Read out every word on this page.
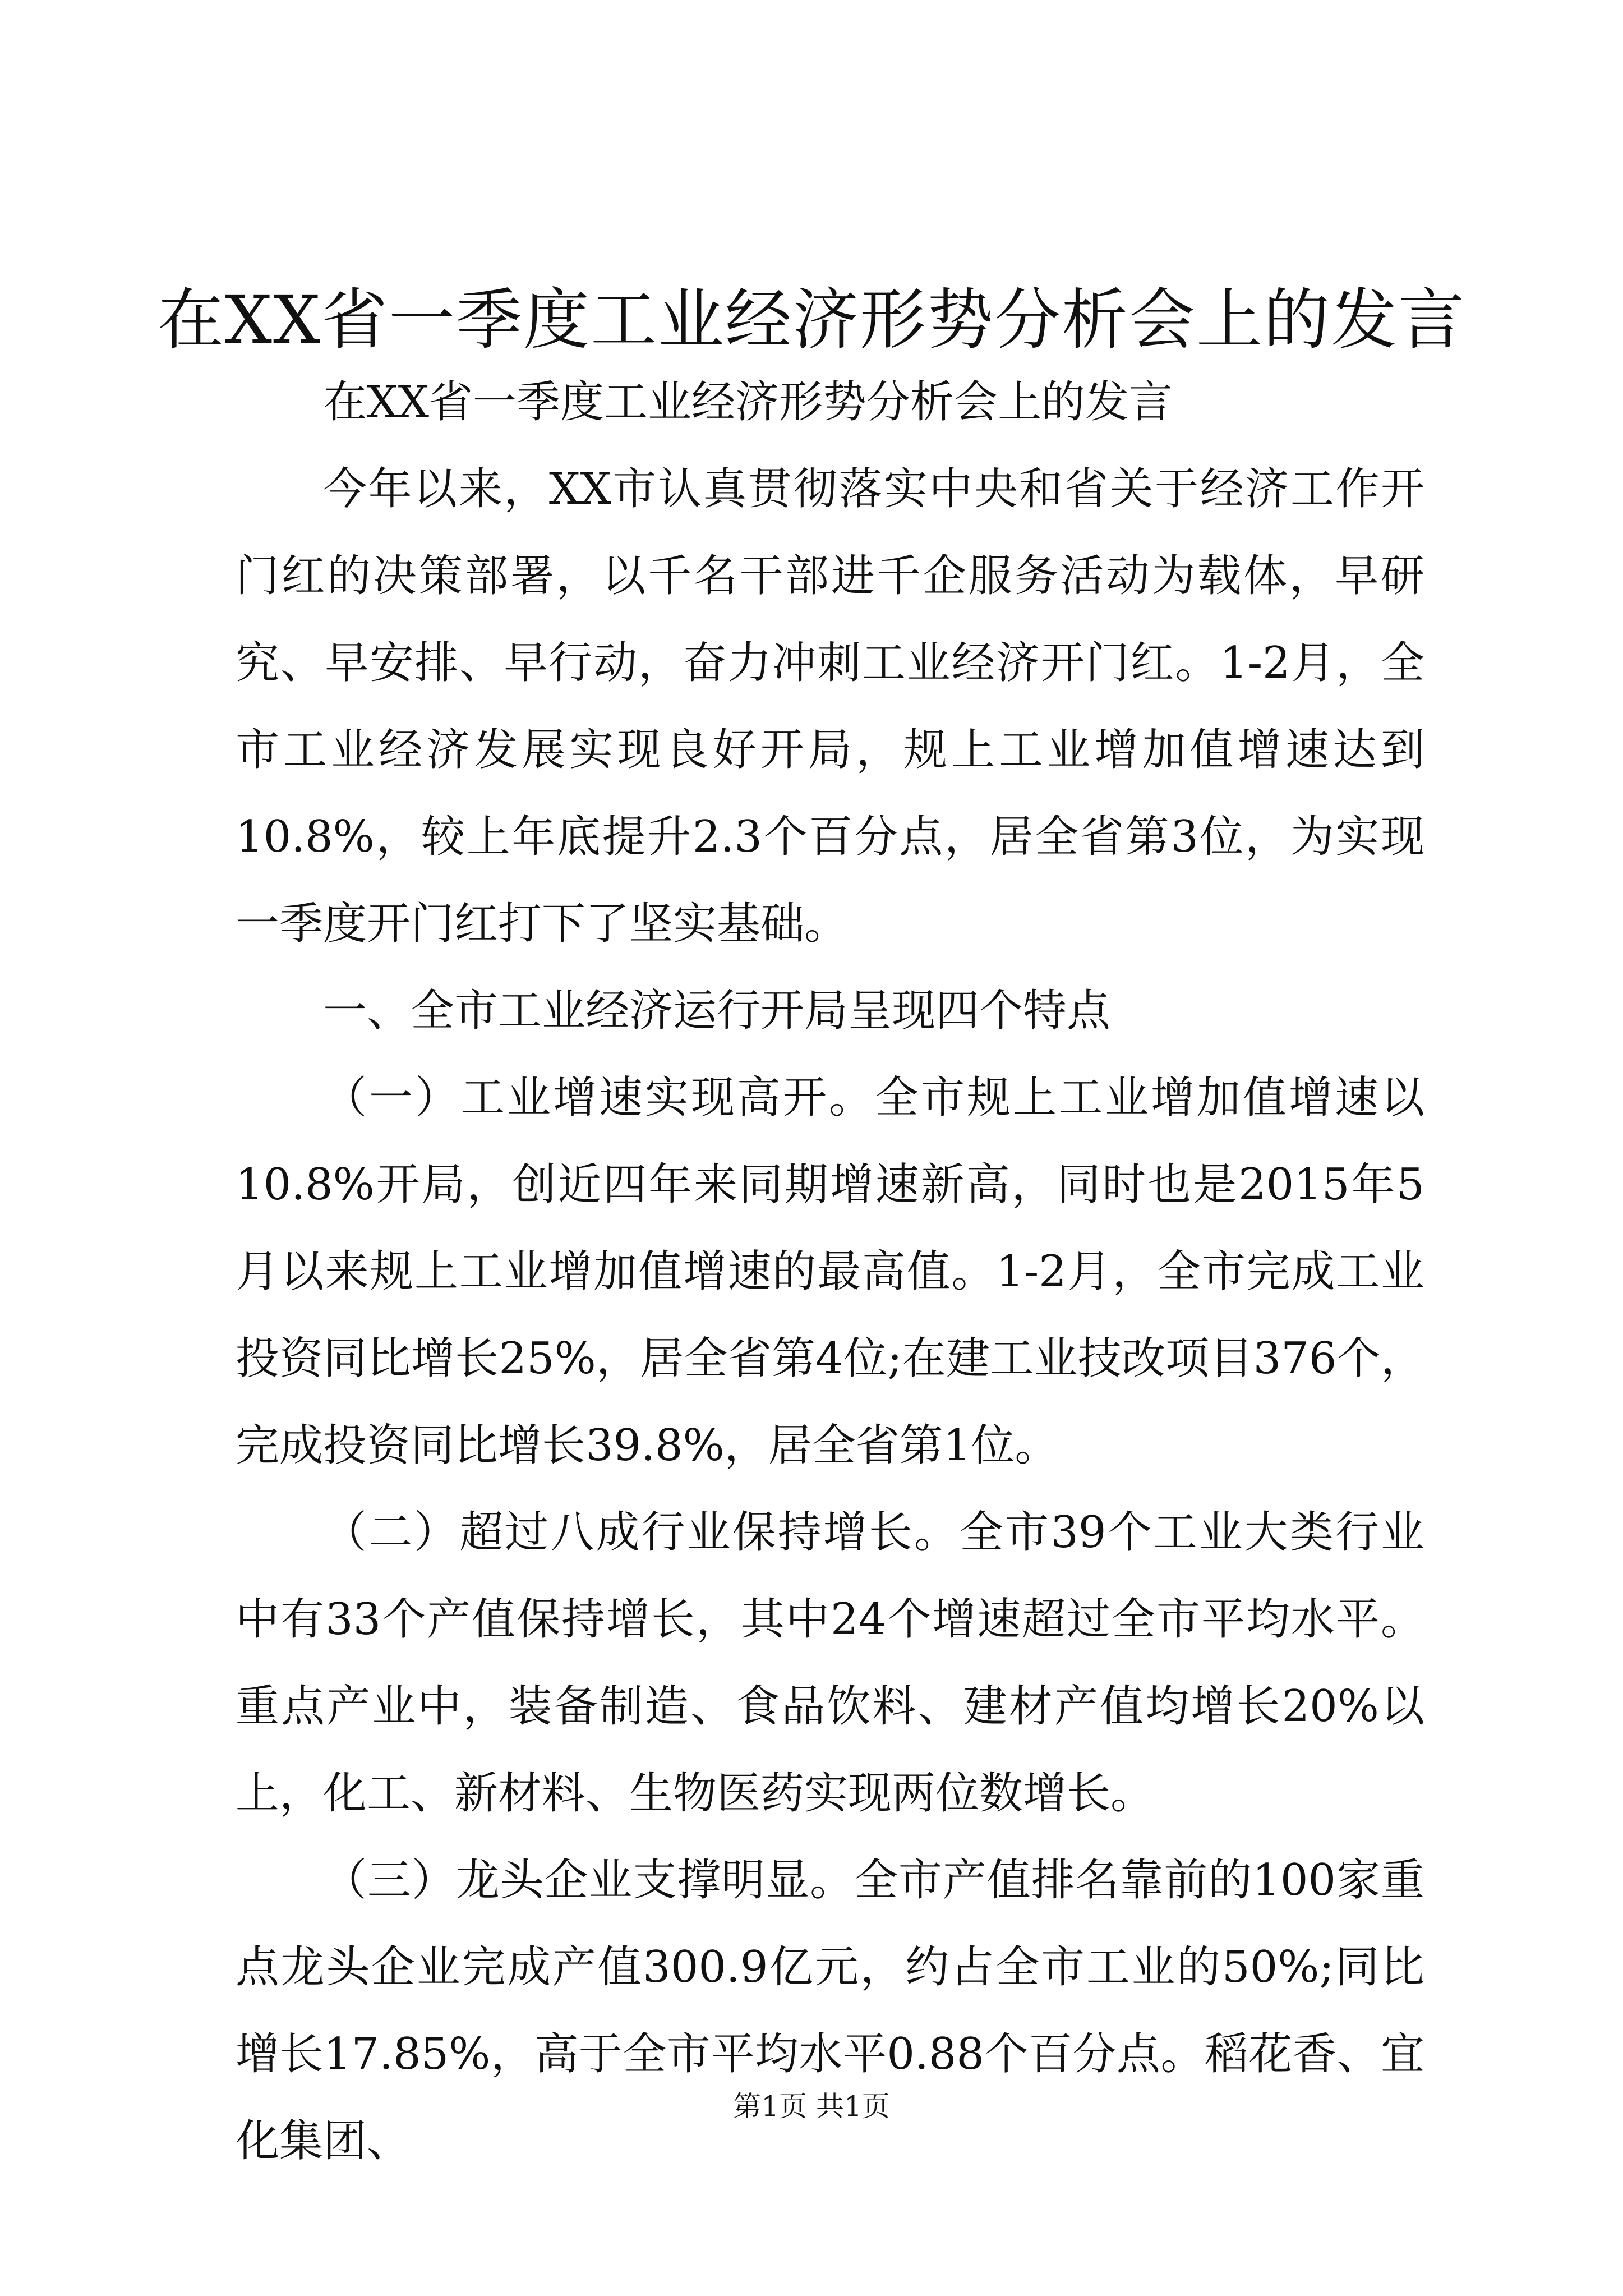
在XX省一季度工业经济形势分析会上的发言

在XX省一季度工业经济形势分析会上的发言

今年以来，XX市认真贯彻落实中央和省关于经济工作开门红的决策部署，以千名干部进千企服务活动为载体，早研究、早安排、早行动，奋力冲刺工业经济开门红。1-2月，全市工业经济发展实现良好开局，规上工业增加值增速达到10.8%，较上年底提升2.3个百分点，居全省第3位，为实现一季度开门红打下了坚实基础。

一、全市工业经济运行开局呈现四个特点

（一）工业增速实现高开。全市规上工业增加值增速以10.8%开局，创近四年来同期增速新高，同时也是2015年5月以来规上工业增加值增速的最高值。1-2月，全市完成工业投资同比增长25%，居全省第4位;在建工业技改项目376个，完成投资同比增长39.8%，居全省第1位。

（二）超过八成行业保持增长。全市39个工业大类行业中有33个产值保持增长，其中24个增速超过全市平均水平。重点产业中，装备制造、食品饮料、建材产值均增长20%以上，化工、新材料、生物医药实现两位数增长。

（三）龙头企业支撑明显。全市产值排名靠前的100家重点龙头企业完成产值300.9亿元，约占全市工业的50%;同比增长17.85%，高于全市平均水平0.88个百分点。稻花香、宜化集团、

第1页 共1页
